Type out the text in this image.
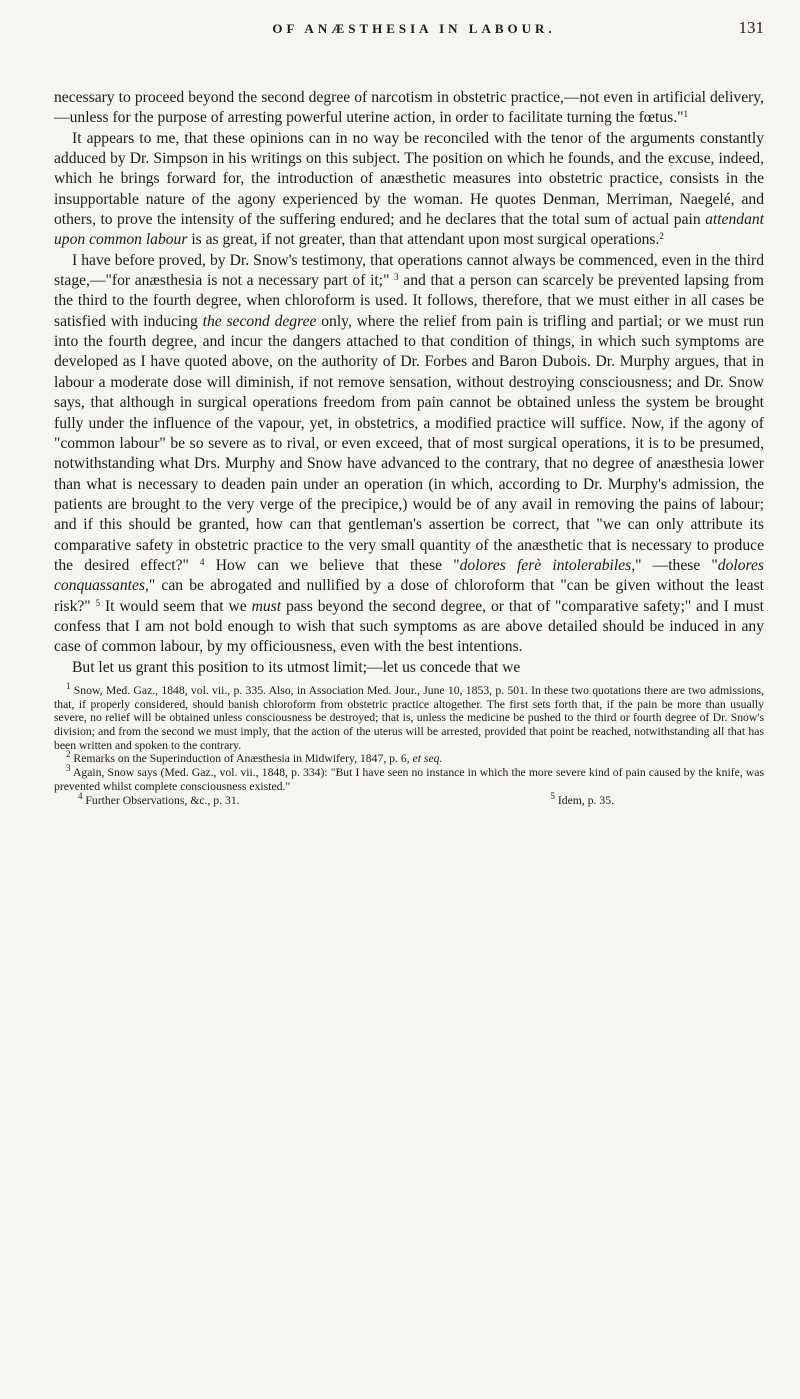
OF ANÆSTHESIA IN LABOUR.	131

necessary to proceed beyond the second degree of narcotism in obstetric practice,—not even in artificial delivery,—unless for the purpose of arresting powerful uterine action, in order to facilitate turning the fœtus."$^1$

It appears to me, that these opinions can in no way be reconciled with the tenor of the arguments constantly adduced by Dr. Simpson in his writings on this subject. The position on which he founds, and the excuse, indeed, which he brings forward for, the introduction of anæsthetic measures into obstetric practice, consists in the insupportable nature of the agony experienced by the woman. He quotes Denman, Merriman, Naegelé, and others, to prove the intensity of the suffering endured; and he declares that the total sum of actual pain attendant upon common labour is as great, if not greater, than that attendant upon most surgical operations.$^2$

I have before proved, by Dr. Snow's testimony, that operations cannot always be commenced, even in the third stage,—"for anæsthesia is not a necessary part of it;" $^3$ and that a person can scarcely be prevented lapsing from the third to the fourth degree, when chloroform is used. It follows, therefore, that we must either in all cases be satisfied with inducing the second degree only, where the relief from pain is trifling and partial; or we must run into the fourth degree, and incur the dangers attached to that condition of things, in which such symptoms are developed as I have quoted above, on the authority of Dr. Forbes and Baron Dubois. Dr. Murphy argues, that in labour a moderate dose will diminish, if not remove sensation, without destroying consciousness; and Dr. Snow says, that although in surgical operations freedom from pain cannot be obtained unless the system be brought fully under the influence of the vapour, yet, in obstetrics, a modified practice will suffice. Now, if the agony of "common labour" be so severe as to rival, or even exceed, that of most surgical operations, it is to be presumed, notwithstanding what Drs. Murphy and Snow have advanced to the contrary, that no degree of anæsthesia lower than what is necessary to deaden pain under an operation (in which, according to Dr. Murphy's admission, the patients are brought to the very verge of the precipice,) would be of any avail in removing the pains of labour; and if this should be granted, how can that gentleman's assertion be correct, that "we can only attribute its comparative safety in obstetric practice to the very small quantity of the anæsthetic that is necessary to produce the desired effect?" $^4$ How can we believe that these "dolores ferè intolerabiles," —these "dolores conquassantes," can be abrogated and nullified by a dose of chloroform that "can be given without the least risk?" $^5$ It would seem that we must pass beyond the second degree, or that of "comparative safety;" and I must confess that I am not bold enough to wish that such symptoms as are above detailed should be induced in any case of common labour, by my officiousness, even with the best intentions.

But let us grant this position to its utmost limit;—let us concede that we

$^1$ Snow, Med. Gaz., 1848, vol. vii., p. 335. Also, in Association Med. Jour., June 10, 1853, p. 501. In these two quotations there are two admissions, that, if properly considered, should banish chloroform from obstetric practice altogether. The first sets forth that, if the pain be more than usually severe, no relief will be obtained unless consciousness be destroyed; that is, unless the medicine be pushed to the third or fourth degree of Dr. Snow's division; and from the second we must imply, that the action of the uterus will be arrested, provided that point be reached, notwithstanding all that has been written and spoken to the contrary.

$^2$ Remarks on the Superinduction of Anæsthesia in Midwifery, 1847, p. 6, et seq.

$^3$ Again, Snow says (Med. Gaz., vol. vii., 1848, p. 334): "But I have seen no instance in which the more severe kind of pain caused by the knife, was prevented whilst complete consciousness existed."

$^4$ Further Observations, &c., p. 31.	$^5$ Idem, p. 35.
